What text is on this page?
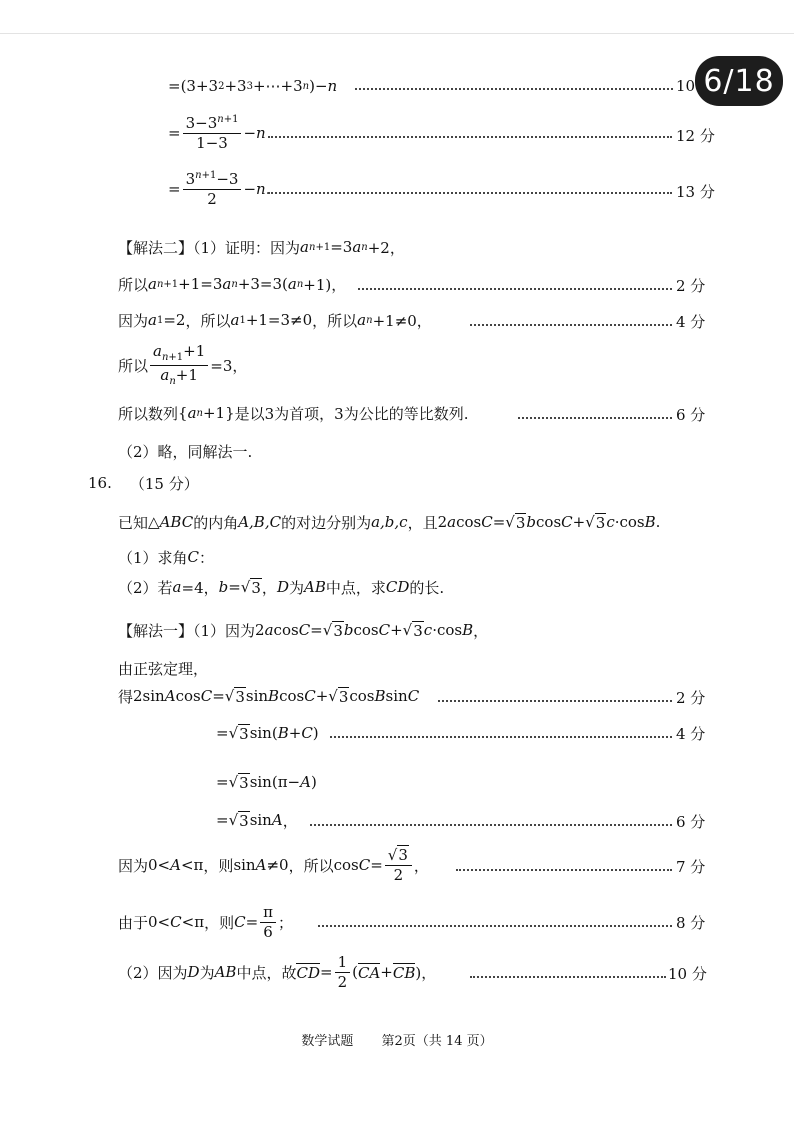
6/18
=(3+3 2 +3 3 +⋯+3 n )− n	10
= $\frac{3-3^{n+1}}{1-3} - n$	12 分
= $\frac{3^{n+1}-3}{2} - n$ .	13 分
【解法二】（1）证明：因为 a n+1 =3 a n +2，
所以 a n+1 +1=3 a n +3=3( a n +1)，	2 分
因为 a 1 =2 ，所以 a 1 +1=3≠0 ，所以 a n +1≠0，	4 分
所以 $\frac{a_{n+1}+1}{a_n+1} =3$，
所以数列 { a n +1} 是以3为首项，3为公比的等比数列.	6 分
（2）略，同解法一.
16. （15 分）
已知 △ ABC 的内角 A,B,C 的对边分别为 a,b,c ，且 2 a cos C =√ 3 b cos C +√ 3 c ·cos B .
（1）求角 C ：
（2）若 a =4， b =√ 3 ， D 为 AB 中点，求 CD 的长.
【解法一】（1）因为 2 a cos C =√ 3 b cos C +√ 3 c ·cos B ，
由正弦定理，
得 2sin A cos C =√ 3 sin B cos C +√ 3 cos B sin C	2 分
=√ 3 sin( B + C )	4 分
=√ 3 sin(π− A )
=√ 3 sin A ，	6 分
因为 0< A <π ，则 sin A ≠0 ，所以 $\cos C = \frac{√3}{2}$ ，	7 分
由于 0< C <π ，则 $C = \frac{\pi}{6}$ ；	8 分
（2）因为 D 为 AB 中点，故 CD = $\frac{1}{2}$ ( CA + CB )，	10 分
数学试题 第2页（共 14 页）
